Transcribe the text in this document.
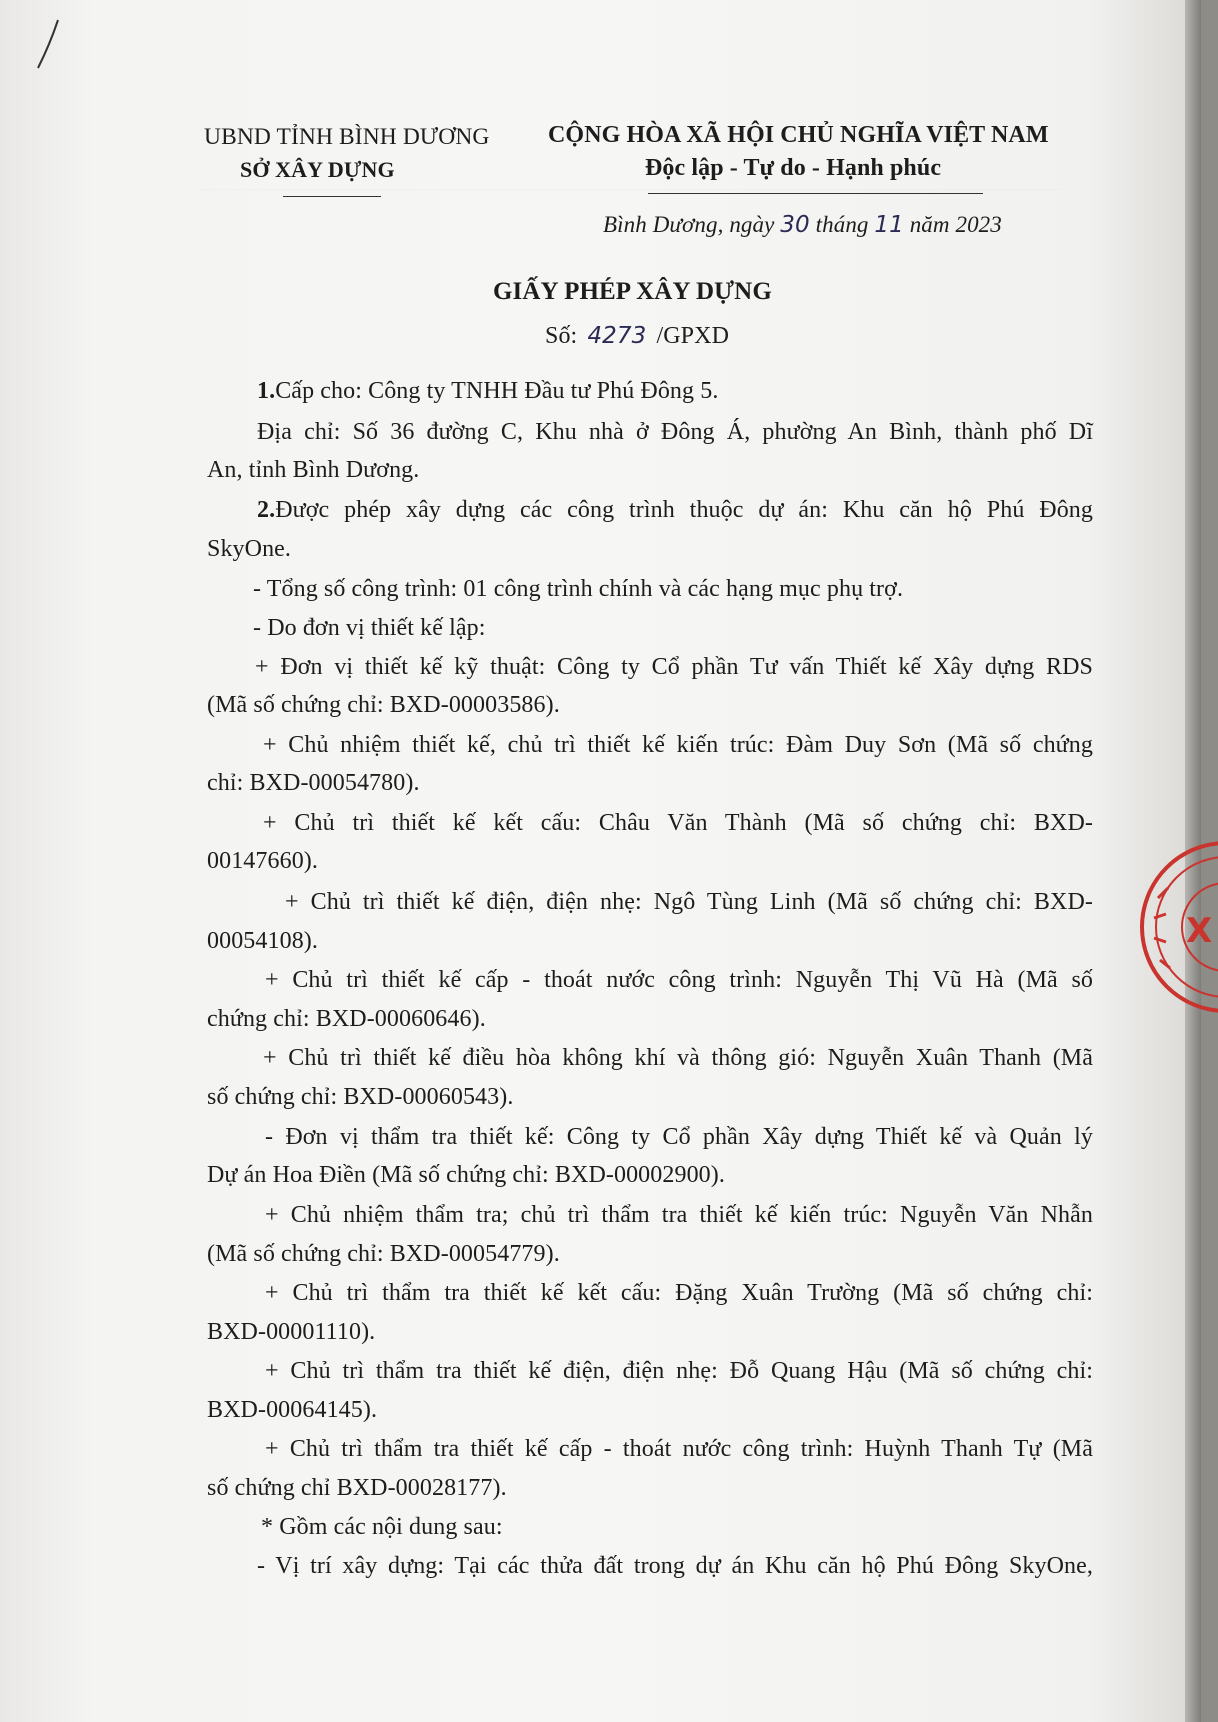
UBND TỈNH BÌNH DƯƠNG
SỞ XÂY DỰNG
CỘNG HÒA XÃ HỘI CHỦ NGHĨA VIỆT NAM
Độc lập - Tự do - Hạnh phúc
Bình Dương, ngày 30 tháng 11 năm 2023
GIẤY PHÉP XÂY DỰNG
Số: 4273 /GPXD
1.Cấp cho: Công ty TNHH Đầu tư Phú Đông 5.
Địa chỉ: Số 36 đường C, Khu nhà ở Đông Á, phường An Bình, thành phố Dĩ
An, tỉnh Bình Dương.
2.Được phép xây dựng các công trình thuộc dự án: Khu căn hộ Phú Đông
SkyOne.
- Tổng số công trình: 01 công trình chính và các hạng mục phụ trợ.
- Do đơn vị thiết kế lập:
+ Đơn vị thiết kế kỹ thuật: Công ty Cổ phần Tư vấn Thiết kế Xây dựng RDS
(Mã số chứng chỉ: BXD-00003586).
+ Chủ nhiệm thiết kế, chủ trì thiết kế kiến trúc: Đàm Duy Sơn (Mã số chứng
chỉ: BXD-00054780).
+ Chủ trì thiết kế kết cấu: Châu Văn Thành (Mã số chứng chỉ: BXD-
00147660).
+ Chủ trì thiết kế điện, điện nhẹ: Ngô Tùng Linh (Mã số chứng chỉ: BXD-
00054108).
+ Chủ trì thiết kế cấp - thoát nước công trình: Nguyễn Thị Vũ Hà (Mã số
chứng chỉ: BXD-00060646).
+ Chủ trì thiết kế điều hòa không khí và thông gió: Nguyễn Xuân Thanh (Mã
số chứng chỉ: BXD-00060543).
- Đơn vị thẩm tra thiết kế: Công ty Cổ phần Xây dựng Thiết kế và Quản lý
Dự án Hoa Điền (Mã số chứng chỉ: BXD-00002900).
+ Chủ nhiệm thẩm tra; chủ trì thẩm tra thiết kế kiến trúc: Nguyễn Văn Nhẫn
(Mã số chứng chỉ: BXD-00054779).
+ Chủ trì thẩm tra thiết kế kết cấu: Đặng Xuân Trường (Mã số chứng chỉ:
BXD-00001110).
+ Chủ trì thẩm tra thiết kế điện, điện nhẹ: Đỗ Quang Hậu (Mã số chứng chỉ:
BXD-00064145).
+ Chủ trì thẩm tra thiết kế cấp - thoát nước công trình: Huỳnh Thanh Tự (Mã
số chứng chỉ BXD-00028177).
* Gồm các nội dung sau:
- Vị trí xây dựng: Tại các thửa đất trong dự án Khu căn hộ Phú Đông SkyOne,
X
